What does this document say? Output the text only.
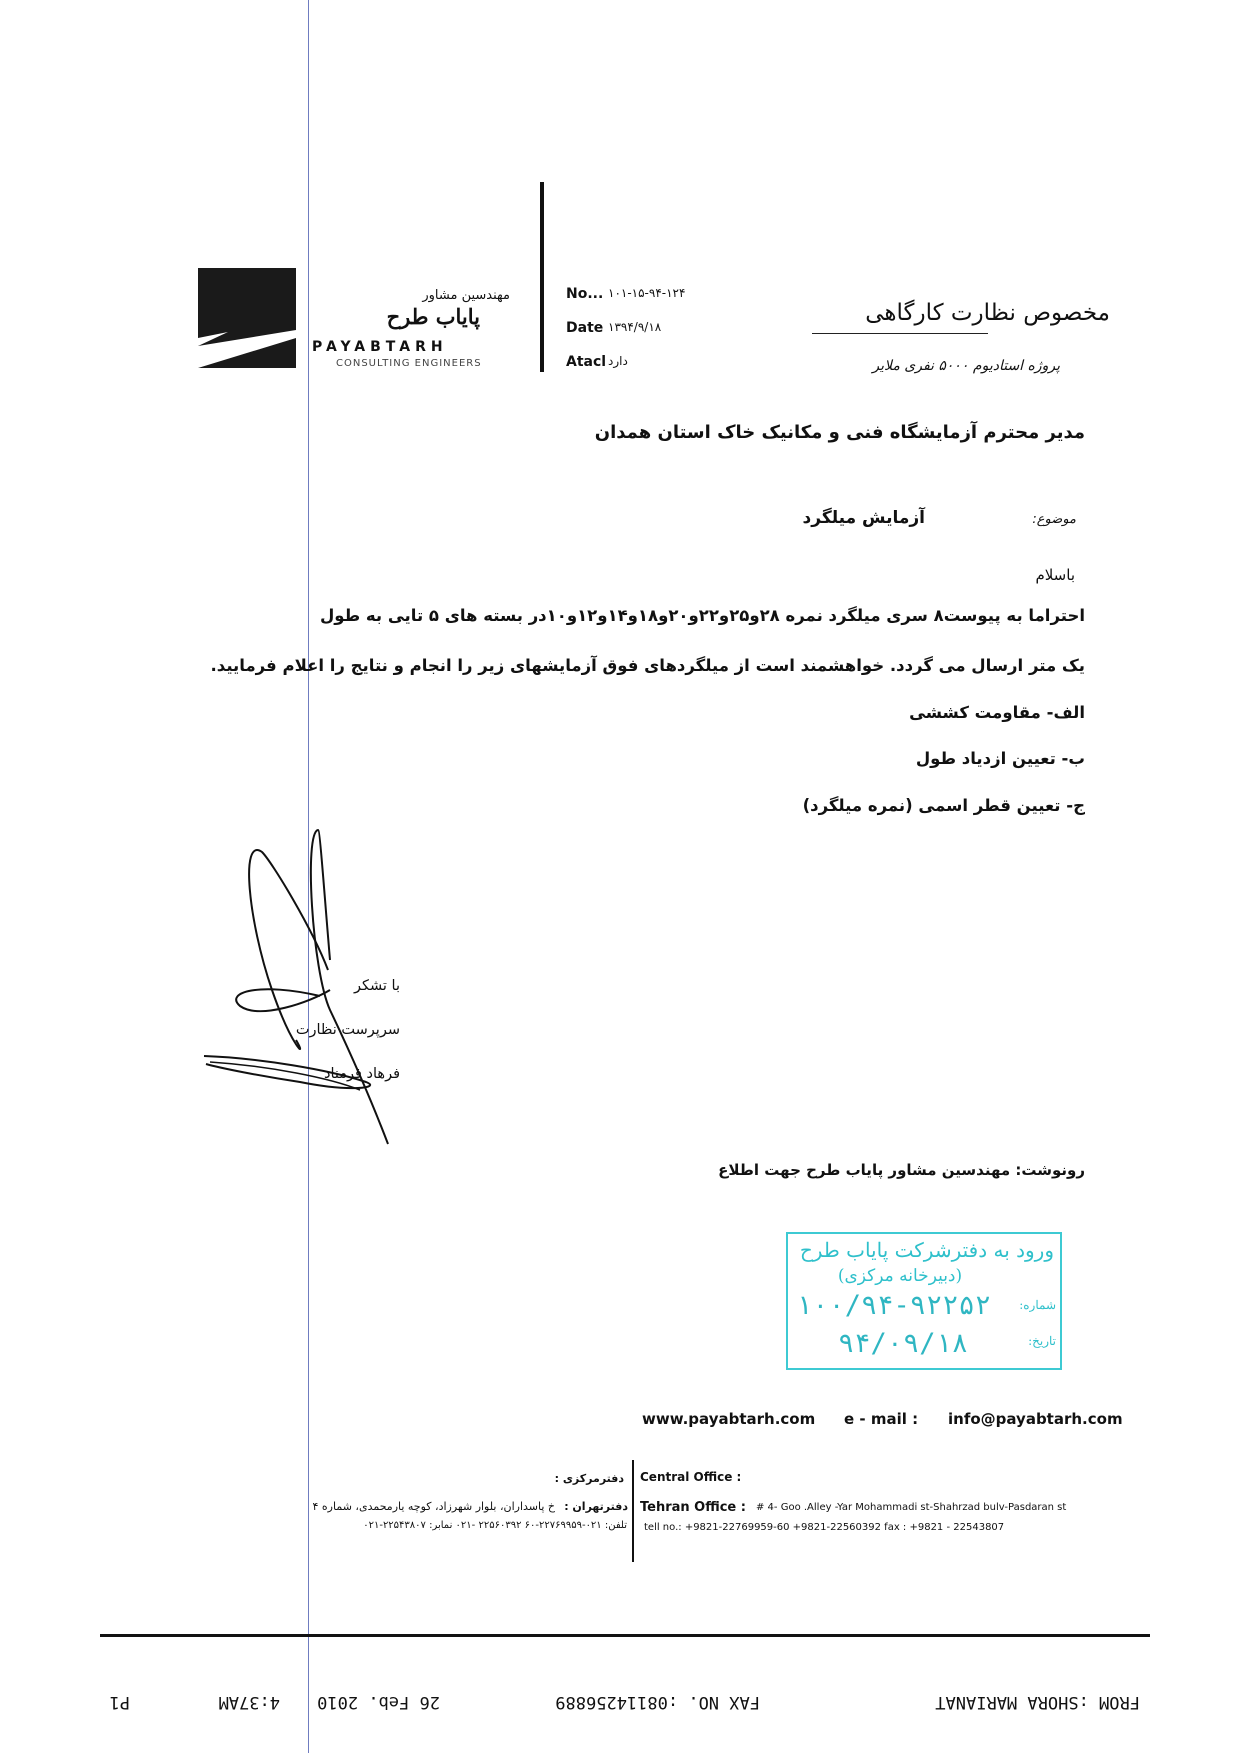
مهندسین مشاور
پایاب طرح
PAYABTARH
CONSULTING ENGINEERS
No... ۱۰۱-۱۵-۹۴-۱۲۴
Date ۱۳۹۴/۹/۱۸
Atacl دارد
مخصوص نظارت کارگاهی
پروژه استادیوم ۵۰۰۰ نفری ملایر
مدیر محترم آزمایشگاه فنی و مکانیک خاک استان همدان
موضوع:
آزمایش میلگرد
باسلام
احتراما به پیوست۸ سری میلگرد نمره ۲۸و۲۵و۲۲و۲۰و۱۸و۱۴و۱۲و۱۰در بسته های ۵ تایی به طول
یک متر ارسال می گردد. خواهشمند است از میلگردهای فوق آزمایشهای زیر را انجام و نتایج را اعلام فرمایید.
الف- مقاومت کششی
ب- تعیین ازدیاد طول
ج- تعیین قطر اسمی (نمره میلگرد)
با تشکر
سرپرست نظارت
فرهاد فرمناد
رونوشت: مهندسین مشاور پایاب طرح جهت اطلاع
ورود به دفترشرکت پایاب طرح
(دبیرخانه مرکزی)
شماره:
۱۰۰/۹۴-۹۲۲۵۲
تاریخ:
۹۴/۰۹/۱۸
www.payabtarh.com	e - mail :	info@payabtarh.com
دفترمرکزی : Central Office :
خ پاسداران، بلوار شهرزاد، کوچه یارمحمدی، شماره ۴ دفترتهران :
تلفن: ۰۲۱-۲۲۷۶۹۹۵۹-۶۰ ۲۲۵۶۰۳۹۲ -۰۲۱ نمابر: ۲۲۵۴۳۸۰۷-۰۲۱
Tehran Office :	# 4- Goo .Alley -Yar Mohammadi st-Shahrzad bulv-Pasdaran st
tell no.: +9821-22769959-60 +9821-22560392 fax : +9821 - 22543807
FROM :SHORA MARIANAT
FAX NO. :08114256889
26 Feb. 2010
4:37AM
P1
